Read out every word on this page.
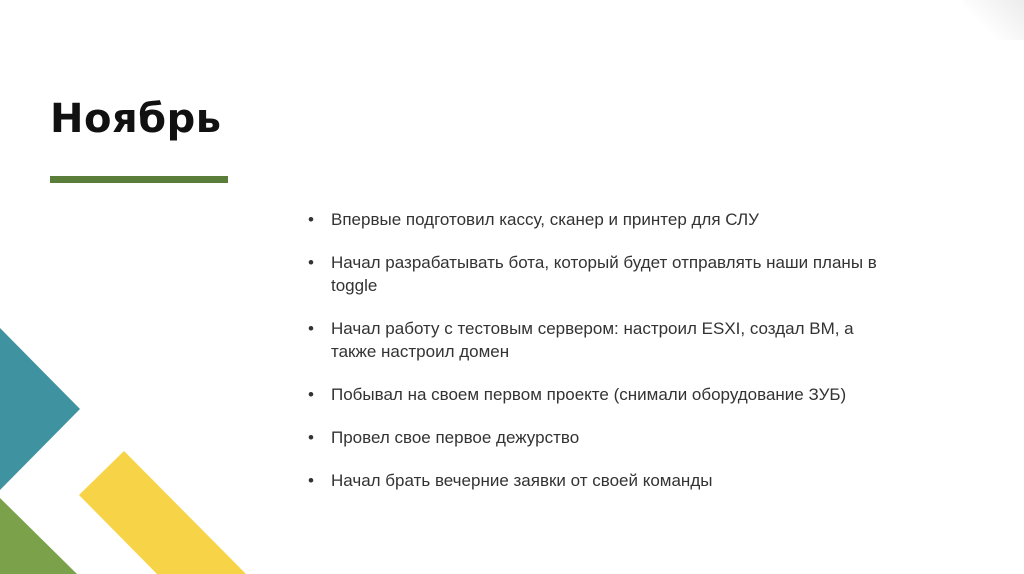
Ноябрь
• Впервые подготовил кассу, сканер и принтер для СЛУ
• Начал разрабатывать бота, который будет отправлять наши планы в
toggle
• Начал работу с тестовым сервером: настроил ESXI, создал ВМ, а
также настроил домен
• Побывал на своем первом проекте (снимали оборудование ЗУБ)
• Провел свое первое дежурство
• Начал брать вечерние заявки от своей команды
